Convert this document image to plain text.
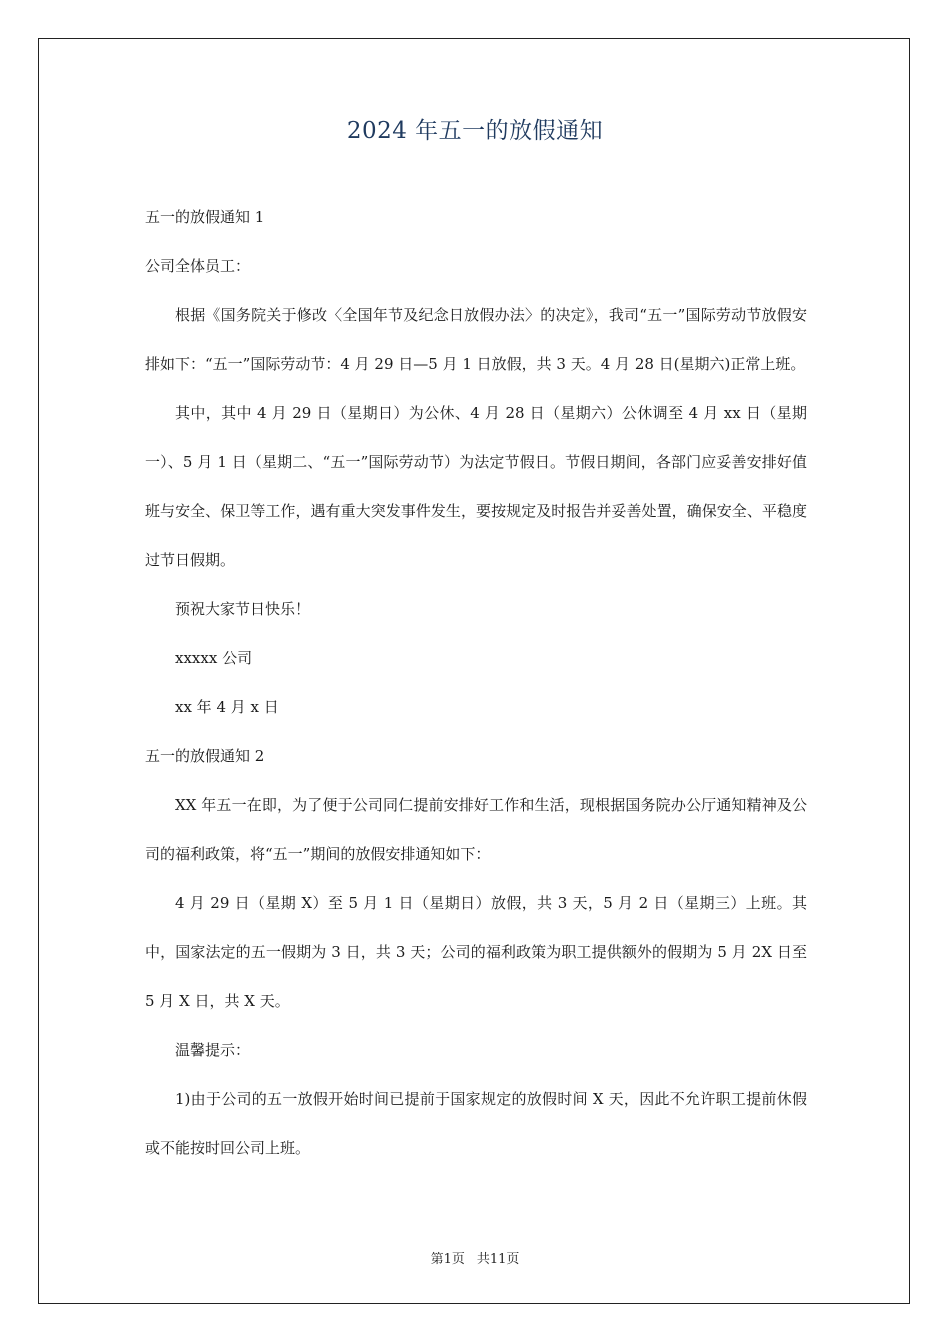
2024 年五一的放假通知

五一的放假通知 1

公司全体员工：

根据《国务院关于修改〈全国年节及纪念日放假办法〉的决定》，我司“五一”国际劳动节放假安排如下：“五一”国际劳动节：4 月 29 日—5 月 1 日放假，共 3 天。4 月 28 日(星期六)正常上班。

其中，其中 4 月 29 日（星期日）为公休、4 月 28 日（星期六）公休调至 4 月 xx 日（星期一）、5 月 1 日（星期二、“五一”国际劳动节）为法定节假日。节假日期间，各部门应妥善安排好值班与安全、保卫等工作，遇有重大突发事件发生，要按规定及时报告并妥善处置，确保安全、平稳度过节日假期。

预祝大家节日快乐！

xxxxx 公司

xx 年 4 月 x 日

五一的放假通知 2

XX 年五一在即，为了便于公司同仁提前安排好工作和生活，现根据国务院办公厅通知精神及公司的福利政策，将“五一”期间的放假安排通知如下：

4 月 29 日（星期 X）至 5 月 1 日（星期日）放假，共 3 天，5 月 2 日（星期三）上班。其中，国家法定的五一假期为 3 日，共 3 天；公司的福利政策为职工提供额外的假期为 5 月 2X 日至 5 月 X 日，共 X 天。

温馨提示：

1)由于公司的五一放假开始时间已提前于国家规定的放假时间 X 天，因此不允许职工提前休假或不能按时回公司上班。

第1页 共11页
